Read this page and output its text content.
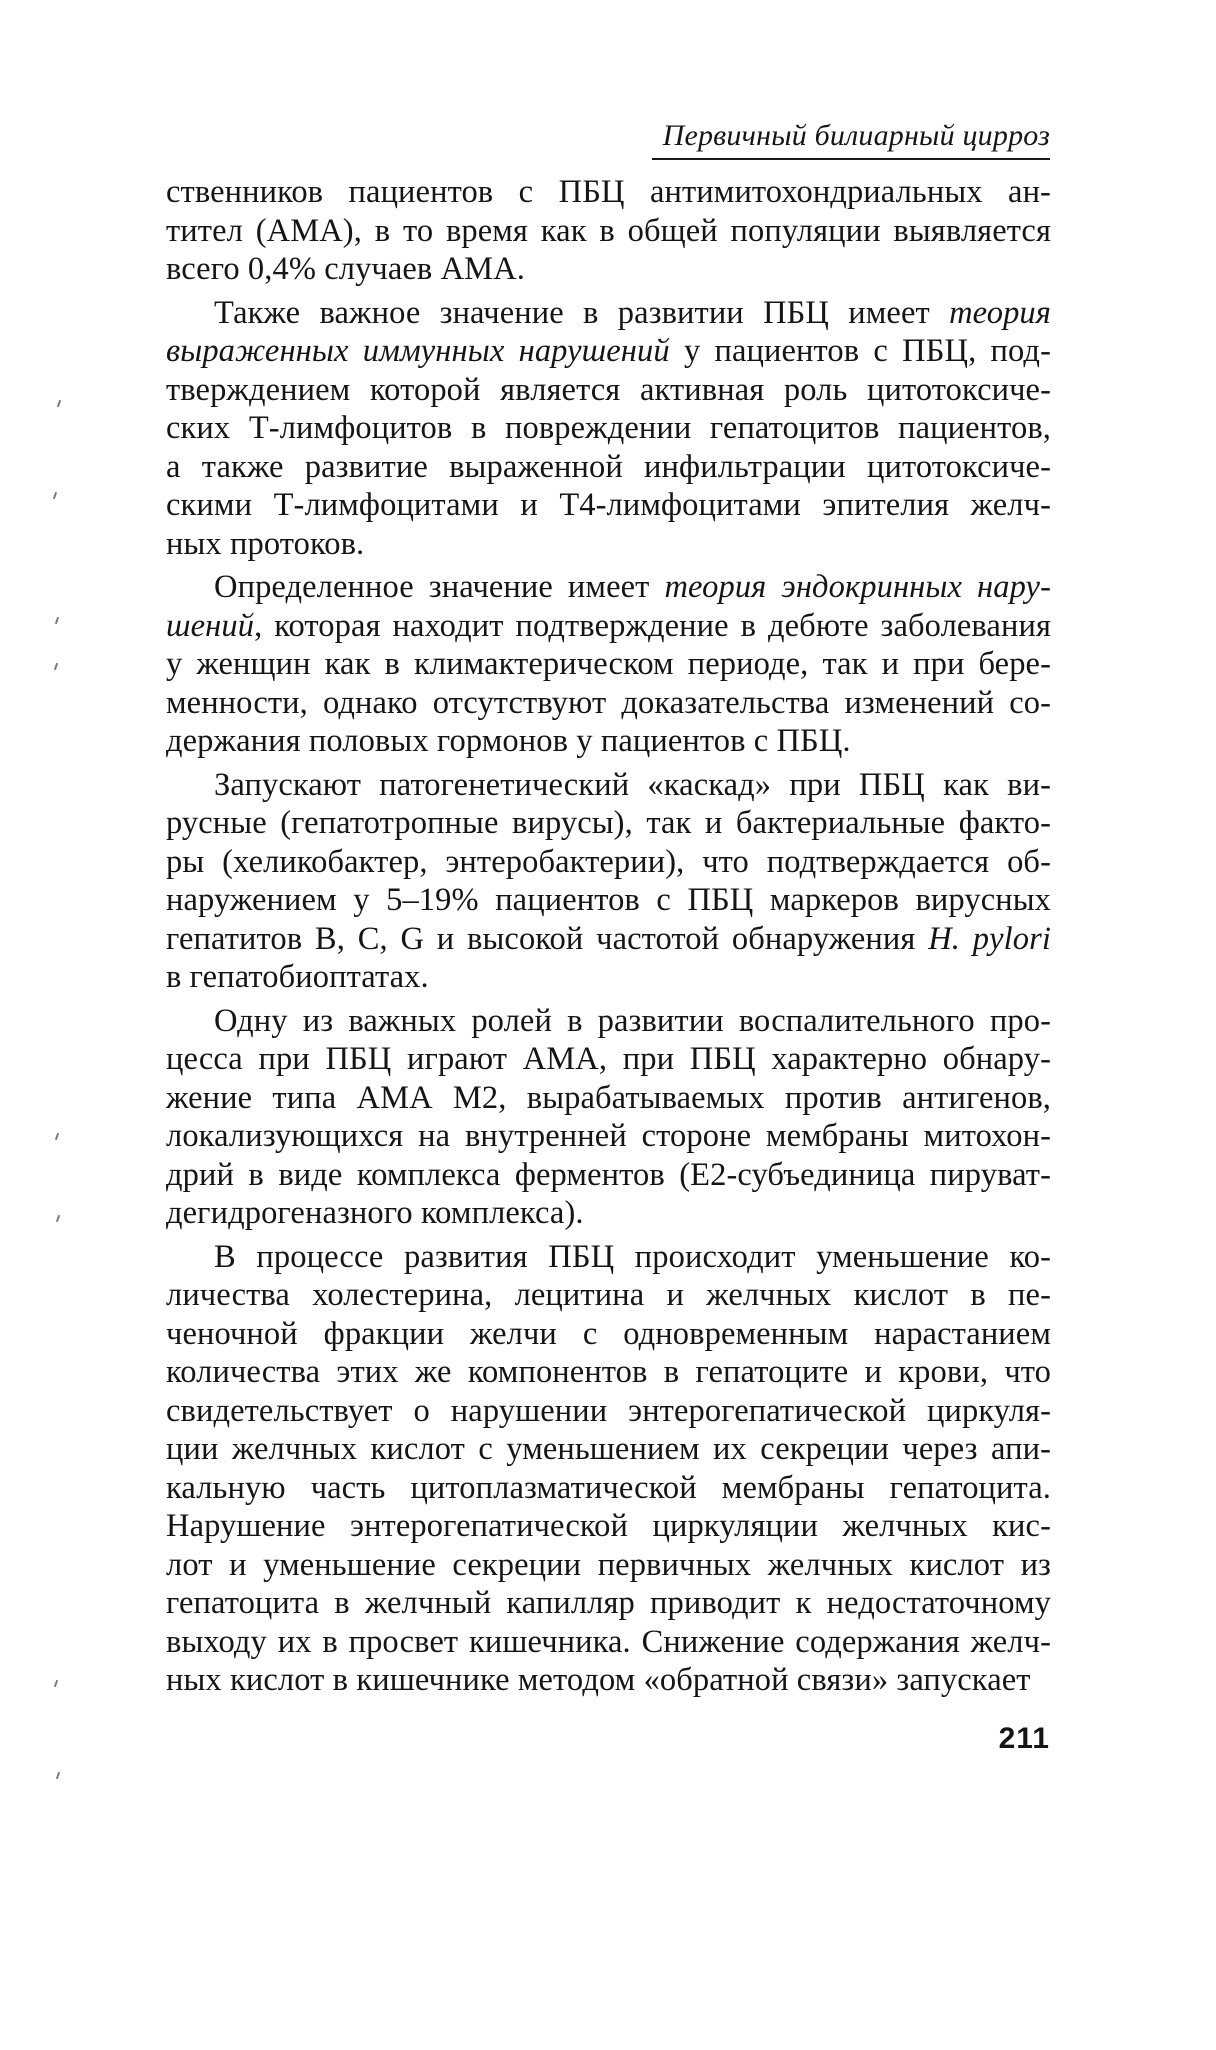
Первичный билиарный цирроз
ственников пациентов с ПБЦ антимитохондриальных ан-
тител (АМА), в то время как в общей популяции выявляется
всего 0,4% случаев АМА.
Также важное значение в развитии ПБЦ имеет теория
выраженных иммунных нарушений у пациентов с ПБЦ, под-
тверждением которой является активная роль цитотоксиче-
ских Т-лимфоцитов в повреждении гепатоцитов пациентов,
а также развитие выраженной инфильтрации цитотоксиче-
скими Т-лимфоцитами и Т4-лимфоцитами эпителия желч-
ных протоков.
Определенное значение имеет теория эндокринных нару-
шений, которая находит подтверждение в дебюте заболевания
у женщин как в климактерическом периоде, так и при бере-
менности, однако отсутствуют доказательства изменений со-
держания половых гормонов у пациентов с ПБЦ.
Запускают патогенетический «каскад» при ПБЦ как ви-
русные (гепатотропные вирусы), так и бактериальные факто-
ры (хеликобактер, энтеробактерии), что подтверждается об-
наружением у 5–19% пациентов с ПБЦ маркеров вирусных
гепатитов В, С, G и высокой частотой обнаружения H. pylori
в гепатобиоптатах.
Одну из важных ролей в развитии воспалительного про-
цесса при ПБЦ играют АМА, при ПБЦ характерно обнару-
жение типа АМА М2, вырабатываемых против антигенов,
локализующихся на внутренней стороне мембраны митохон-
дрий в виде комплекса ферментов (Е2-субъединица пируват-
дегидрогеназного комплекса).
В процессе развития ПБЦ происходит уменьшение ко-
личества холестерина, лецитина и желчных кислот в пе-
ченочной фракции желчи с одновременным нарастанием
количества этих же компонентов в гепатоците и крови, что
свидетельствует о нарушении энтерогепатической циркуля-
ции желчных кислот с уменьшением их секреции через апи-
кальную часть цитоплазматической мембраны гепатоцита.
Нарушение энтерогепатической циркуляции желчных кис-
лот и уменьшение секреции первичных желчных кислот из
гепатоцита в желчный капилляр приводит к недостаточному
выходу их в просвет кишечника. Снижение содержания желч-
ных кислот в кишечнике методом «обратной связи» запускает
211
